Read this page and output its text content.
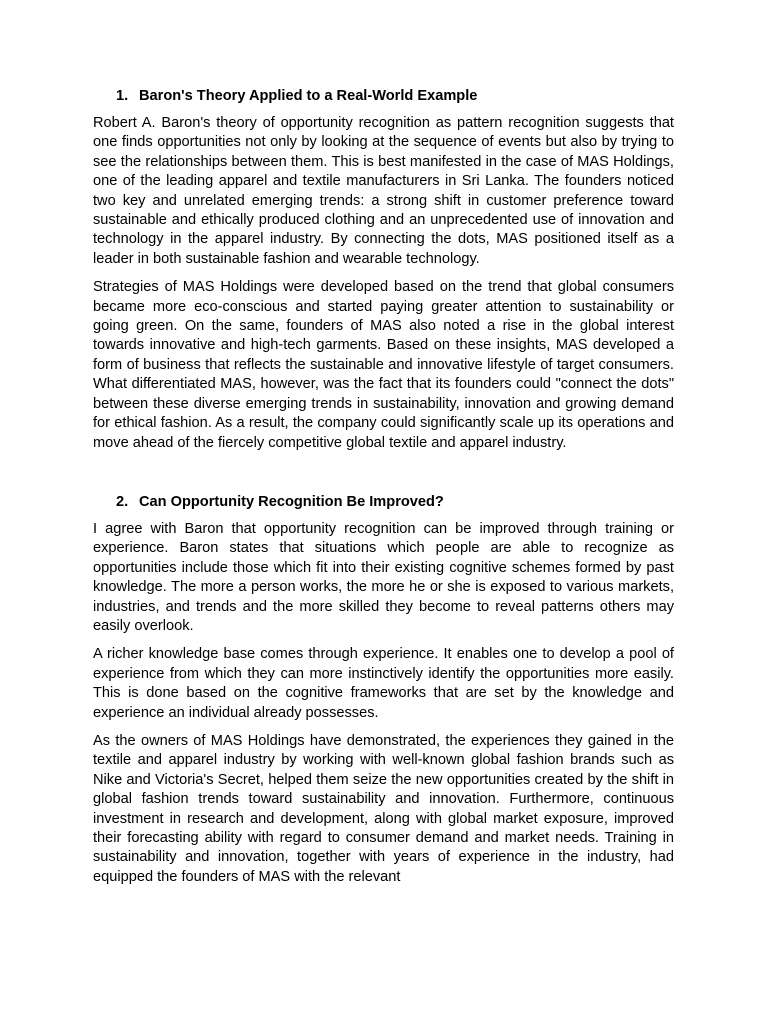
1. Baron's Theory Applied to a Real-World Example

Robert A. Baron's theory of opportunity recognition as pattern recognition suggests that one finds opportunities not only by looking at the sequence of events but also by trying to see the relationships between them. This is best manifested in the case of MAS Holdings, one of the leading apparel and textile manufacturers in Sri Lanka. The founders noticed two key and unrelated emerging trends: a strong shift in customer preference toward sustainable and ethically produced clothing and an unprecedented use of innovation and technology in the apparel industry. By connecting the dots, MAS positioned itself as a leader in both sustainable fashion and wearable technology.

Strategies of MAS Holdings were developed based on the trend that global consumers became more eco-conscious and started paying greater attention to sustainability or going green. On the same, founders of MAS also noted a rise in the global interest towards innovative and high-tech garments. Based on these insights, MAS developed a form of business that reflects the sustainable and innovative lifestyle of target consumers. What differentiated MAS, however, was the fact that its founders could "connect the dots" between these diverse emerging trends in sustainability, innovation and growing demand for ethical fashion. As a result, the company could significantly scale up its operations and move ahead of the fiercely competitive global textile and apparel industry.

2. Can Opportunity Recognition Be Improved?

I agree with Baron that opportunity recognition can be improved through training or experience. Baron states that situations which people are able to recognize as opportunities include those which fit into their existing cognitive schemes formed by past knowledge. The more a person works, the more he or she is exposed to various markets, industries, and trends and the more skilled they become to reveal patterns others may easily overlook.

A richer knowledge base comes through experience. It enables one to develop a pool of experience from which they can more instinctively identify the opportunities more easily. This is done based on the cognitive frameworks that are set by the knowledge and experience an individual already possesses.

As the owners of MAS Holdings have demonstrated, the experiences they gained in the textile and apparel industry by working with well-known global fashion brands such as Nike and Victoria's Secret, helped them seize the new opportunities created by the shift in global fashion trends toward sustainability and innovation. Furthermore, continuous investment in research and development, along with global market exposure, improved their forecasting ability with regard to consumer demand and market needs. Training in sustainability and innovation, together with years of experience in the industry, had equipped the founders of MAS with the relevant
